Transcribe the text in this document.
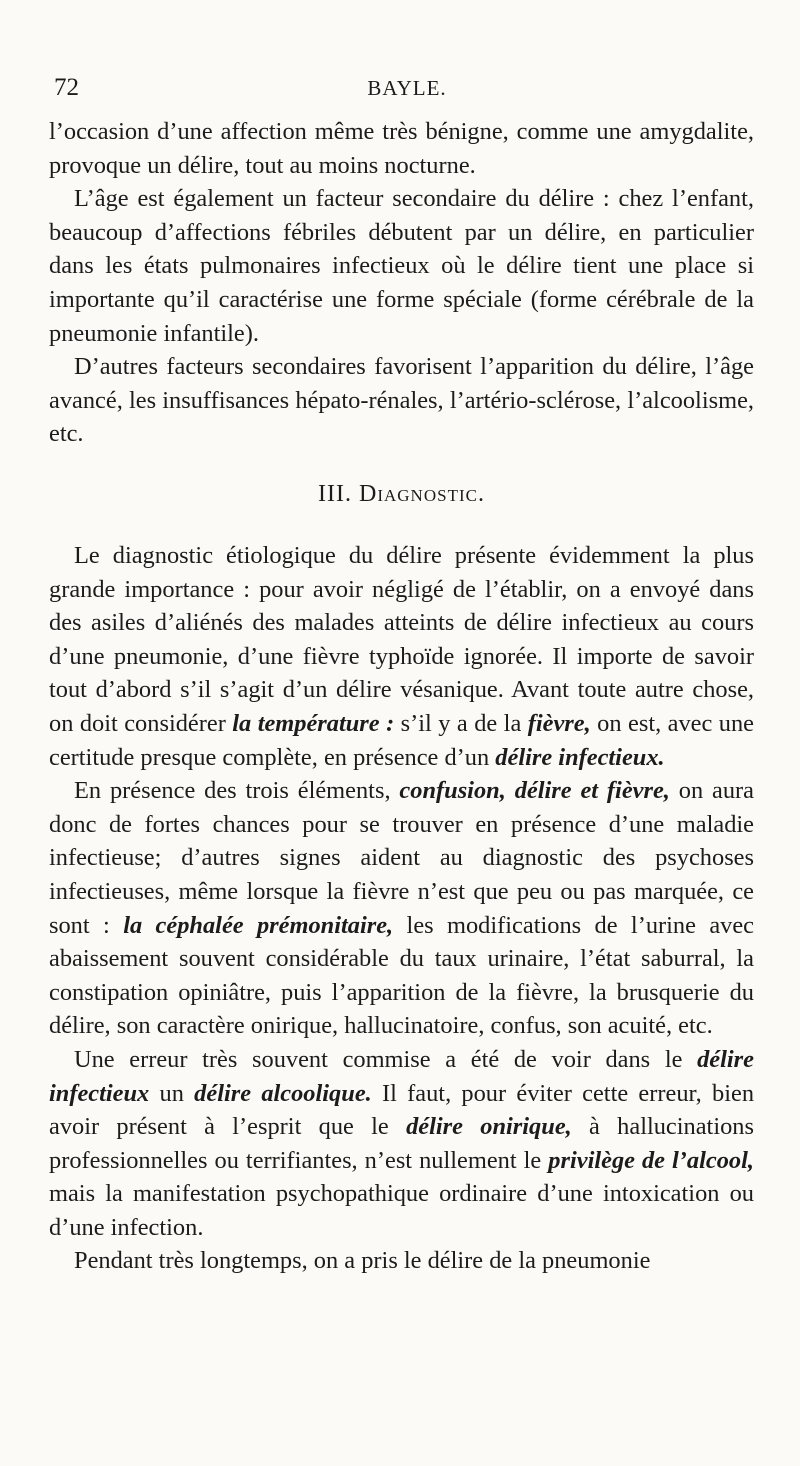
72	BAYLE.

l’occasion d’une affection même très bénigne, comme une amygdalite, provoque un délire, tout au moins nocturne.

L’âge est également un facteur secondaire du délire : chez l’enfant, beaucoup d’affections fébriles débutent par un délire, en particulier dans les états pulmonaires infectieux où le délire tient une place si importante qu’il caractérise une forme spéciale (forme cérébrale de la pneumonie infantile).

D’autres facteurs secondaires favorisent l’apparition du délire, l’âge avancé, les insuffisances hépato-rénales, l’artério-sclérose, l’alcoolisme, etc.

III. Diagnostic.

Le diagnostic étiologique du délire présente évidemment la plus grande importance : pour avoir négligé de l’établir, on a envoyé dans des asiles d’aliénés des malades atteints de délire infectieux au cours d’une pneumonie, d’une fièvre typhoïde ignorée. Il importe de savoir tout d’abord s’il s’agit d’un délire vésanique. Avant toute autre chose, on doit considérer la température : s’il y a de la fièvre, on est, avec une certitude presque complète, en présence d’un délire infectieux.

En présence des trois éléments, confusion, délire et fièvre, on aura donc de fortes chances pour se trouver en présence d’une maladie infectieuse; d’autres signes aident au diagnostic des psychoses infectieuses, même lorsque la fièvre n’est que peu ou pas marquée, ce sont : la céphalée prémonitaire, les modifications de l’urine avec abaissement souvent considérable du taux urinaire, l’état saburral, la constipation opiniâtre, puis l’apparition de la fièvre, la brusquerie du délire, son caractère onirique, hallucinatoire, confus, son acuité, etc.

Une erreur très souvent commise a été de voir dans le délire infectieux un délire alcoolique. Il faut, pour éviter cette erreur, bien avoir présent à l’esprit que le délire onirique, à hallucinations professionnelles ou terrifiantes, n’est nullement le privilège de l’alcool, mais la manifestation psychopathique ordinaire d’une intoxication ou d’une infection.

Pendant très longtemps, on a pris le délire de la pneumonie
